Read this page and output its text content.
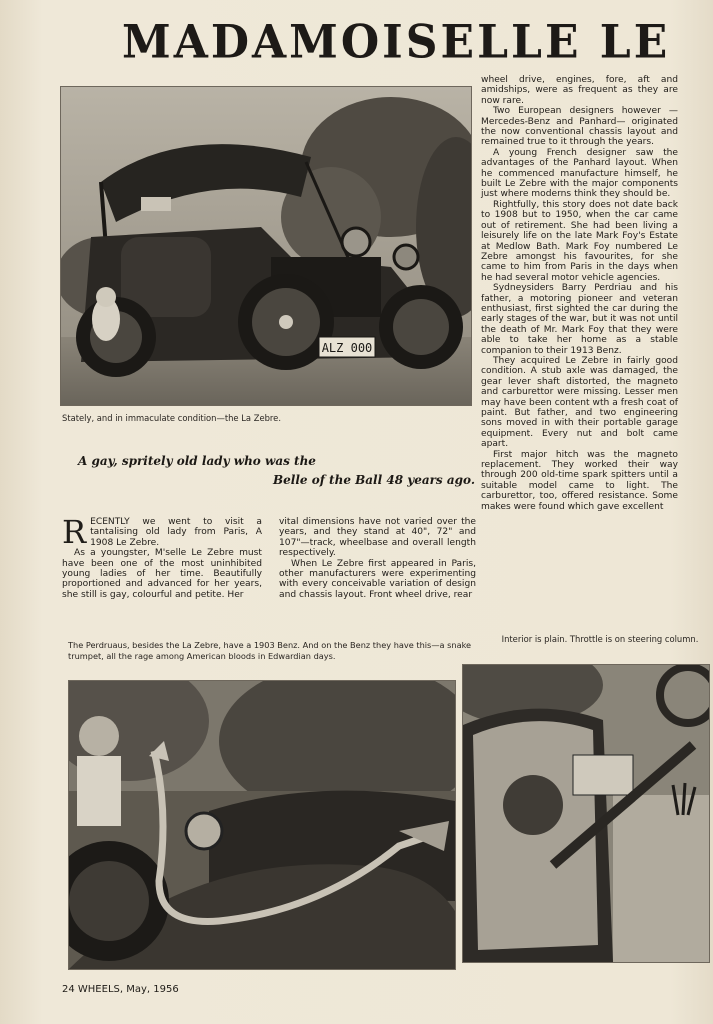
MADAMOISELLE LE
ALZ 000
Stately, and in immaculate condition—the La Zebre.
A gay, spritely old lady who was the
Belle of the Ball 48 years ago.

RECENTLY we went to visit a tantalising old lady from Paris, A 1908 Le Zebre.

As a youngster, M'selle Le Zebre must have been one of the most uninhibited young ladies of her time. Beautifully proportioned and advanced for her years, she still is gay, colourful and petite. Her

vital dimensions have not varied over the years, and they stand at 40", 72" and 107"—track, wheelbase and overall length respectively.

When Le Zebre first appeared in Paris, other manufacturers were experimenting with every conceivable variation of design and chassis layout. Front wheel drive, rear

wheel drive, engines, fore, aft and amidships, were as frequent as they are now rare.

Two European designers however —Mercedes-Benz and Panhard— originated the now conventional chassis layout and remained true to it through the years.

A young French designer saw the advantages of the Panhard layout. When he commenced manufacture himself, he built Le Zebre with the major components just where moderns think they should be.

Rightfully, this story does not date back to 1908 but to 1950, when the car came out of retirement. She had been living a leisurely life on the late Mark Foy's Estate at Medlow Bath. Mark Foy numbered Le Zebre amongst his favourites, for she came to him from Paris in the days when he had several motor vehicle agencies.

Sydneysiders Barry Perdriau and his father, a motoring pioneer and veteran enthusiast, first sighted the car during the early stages of the war, but it was not until the death of Mr. Mark Foy that they were able to take her home as a stable companion to their 1913 Benz.

They acquired Le Zebre in fairly good condition. A stub axle was damaged, the gear lever shaft distorted, the magneto and carburettor were missing. Lesser men may have been content wth a fresh coat of paint. But father, and two engineering sons moved in with their portable garage equipment. Every nut and bolt came apart.

First major hitch was the magneto replacement. They worked their way through 200 old-time spark spitters until a suitable model came to light. The carburettor, too, offered resistance. Some makes were found which gave excellent

The Perdruaus, besides the La Zebre, have a 1903 Benz. And on the Benz they have this—a snake trumpet, all the rage among American bloods in Edwardian days.
Interior is plain. Throttle is on steering column.
24 WHEELS, May, 1956
